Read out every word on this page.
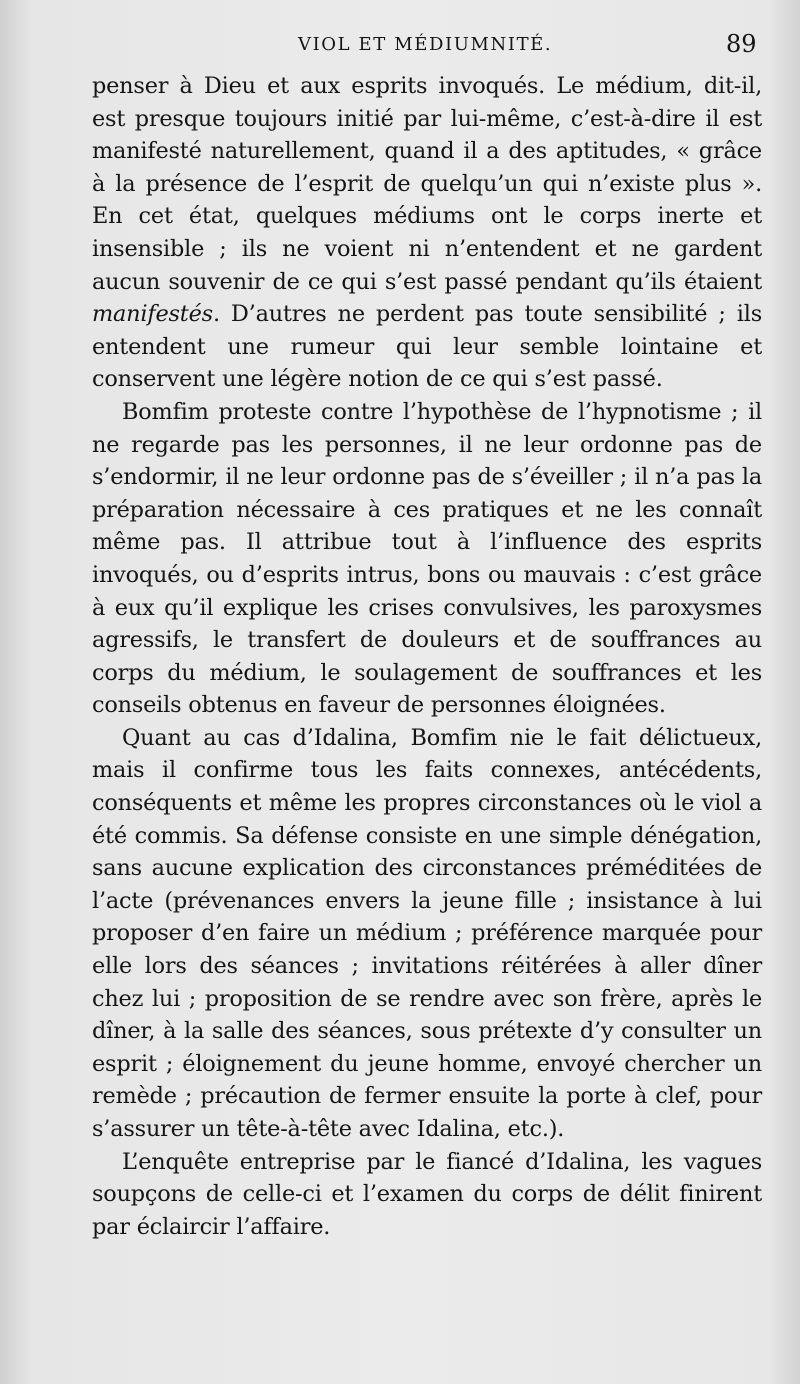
VIOL ET MÉDIUMNITÉ.	89

penser à Dieu et aux esprits invoqués. Le médium, dit-il, est presque toujours initié par lui-même, c’est-à-dire il est manifesté naturellement, quand il a des aptitudes, « grâce à la présence de l’esprit de quelqu’un qui n’existe plus ». En cet état, quelques médiums ont le corps inerte et insensible ; ils ne voient ni n’entendent et ne gardent aucun souvenir de ce qui s’est passé pendant qu’ils étaient manifestés. D’autres ne perdent pas toute sensibilité ; ils entendent une rumeur qui leur semble lointaine et conservent une légère notion de ce qui s’est passé.

Bomfim proteste contre l’hypothèse de l’hypnotisme ; il ne regarde pas les personnes, il ne leur ordonne pas de s’endormir, il ne leur ordonne pas de s’éveiller ; il n’a pas la préparation nécessaire à ces pratiques et ne les connaît même pas. Il attribue tout à l’influence des esprits invoqués, ou d’esprits intrus, bons ou mauvais : c’est grâce à eux qu’il explique les crises convulsives, les paroxysmes agressifs, le transfert de douleurs et de souffrances au corps du médium, le soulagement de souffrances et les conseils obtenus en faveur de personnes éloignées.

Quant au cas d’Idalina, Bomfim nie le fait délictueux, mais il confirme tous les faits connexes, antécédents, conséquents et même les propres circonstances où le viol a été commis. Sa défense consiste en une simple dénégation, sans aucune explication des circonstances préméditées de l’acte (prévenances envers la jeune fille ; insistance à lui proposer d’en faire un médium ; préférence marquée pour elle lors des séances ; invitations réitérées à aller dîner chez lui ; proposition de se rendre avec son frère, après le dîner, à la salle des séances, sous prétexte d’y consulter un esprit ; éloignement du jeune homme, envoyé chercher un remède ; précaution de fermer ensuite la porte à clef, pour s’assurer un tête-à-tête avec Idalina, etc.).

L’enquête entreprise par le fiancé d’Idalina, les vagues soupçons de celle-ci et l’examen du corps de délit finirent par éclaircir l’affaire.
